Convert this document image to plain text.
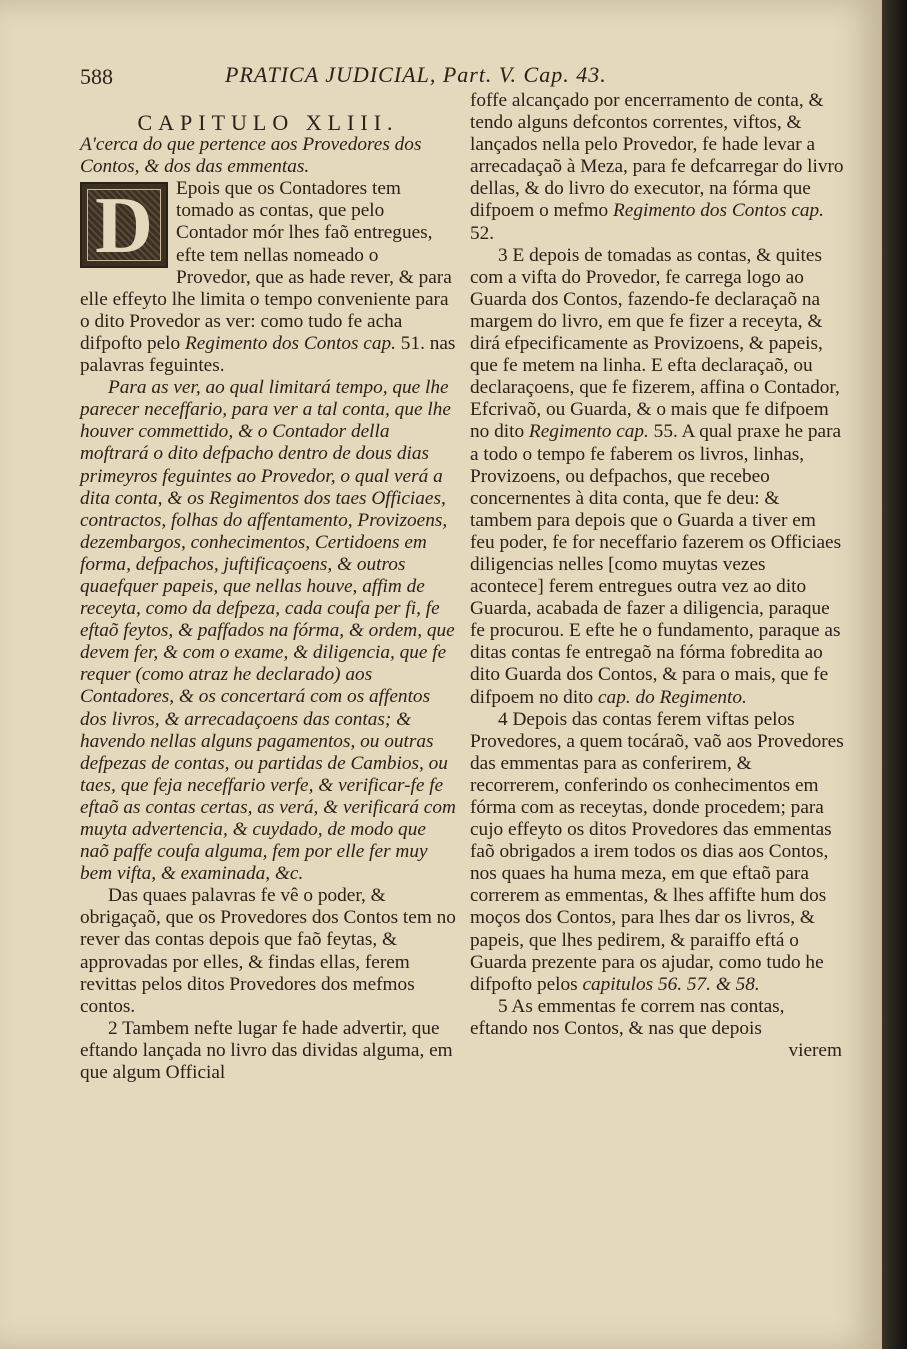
588	PRATICA JUDICIAL, Part. V. Cap. 43.

CAPITULO XLIII.

A'cerca do que pertence aos Provedores dos Contos, & dos das emmentas.

D	Epois que os Contadores tem tomado as contas, que pelo Contador mór lhes faõ entregues, efte tem nellas nomeado o Provedor, que as hade rever, & para elle effeyto lhe limita o tempo conveniente para o dito Provedor as ver: como tudo fe acha difpofto pelo Regimento dos Contos cap. 51. nas palavras feguintes.

Para as ver, ao qual limitará tempo, que lhe parecer neceffario, para ver a tal conta, que lhe houver commettido, & o Contador della moftrará o dito defpacho dentro de dous dias primeyros feguintes ao Provedor, o qual verá a dita conta, & os Regimentos dos taes Officiaes, contractos, folhas do affentamento, Provizoens, dezembargos, conhecimentos, Certidoens em forma, defpachos, juftificaçoens, & outros quaefquer papeis, que nellas houve, affim de receyta, como da defpeza, cada coufa per fi, fe eftaõ feytos, & paffados na fórma, & ordem, que devem fer, & com o exame, & diligencia, que fe requer (como atraz he declarado) aos Contadores, & os concertará com os affentos dos livros, & arrecadaçoens das contas; & havendo nellas alguns pagamentos, ou outras defpezas de contas, ou partidas de Cambios, ou taes, que feja neceffario verfe, & verificar-fe fe eftaõ as contas certas, as verá, & verificará com muyta advertencia, & cuydado, de modo que naõ paffe coufa alguma, fem por elle fer muy bem vifta, & examinada, &c.

Das quaes palavras fe vê o poder, & obrigaçaõ, que os Provedores dos Contos tem no rever das contas depois que faõ feytas, & approvadas por elles, & findas ellas, ferem revittas pelos ditos Provedores dos mefmos contos.

2 Tambem nefte lugar fe hade advertir, que eftando lançada no livro das dividas alguma, em que algum Official

foffe alcançado por encerramento de conta, & tendo alguns defcontos correntes, viftos, & lançados nella pelo Provedor, fe hade levar a arrecadaçaõ à Meza, para fe defcarregar do livro dellas, & do livro do executor, na fórma que difpoem o mefmo Regimento dos Contos cap. 52.

3 E depois de tomadas as contas, & quites com a vifta do Provedor, fe carrega logo ao Guarda dos Contos, fazendo-fe declaraçaõ na margem do livro, em que fe fizer a receyta, & dirá efpecificamente as Provizoens, & papeis, que fe metem na linha. E efta declaraçaõ, ou declaraçoens, que fe fizerem, affina o Contador, Efcrivaõ, ou Guarda, & o mais que fe difpoem no dito Regimento cap. 55. A qual praxe he para a todo o tempo fe faberem os livros, linhas, Provizoens, ou defpachos, que recebeo concernentes à dita conta, que fe deu: & tambem para depois que o Guarda a tiver em feu poder, fe for neceffario fazerem os Officiaes diligencias nelles [como muytas vezes acontece] ferem entregues outra vez ao dito Guarda, acabada de fazer a diligencia, paraque fe procurou. E efte he o fundamento, paraque as ditas contas fe entregaõ na fórma fobredita ao dito Guarda dos Contos, & para o mais, que fe difpoem no dito cap. do Regimento.

4 Depois das contas ferem viftas pelos Provedores, a quem tocáraõ, vaõ aos Provedores das emmentas para as conferirem, & recorrerem, conferindo os conhecimentos em fórma com as receytas, donde procedem; para cujo effeyto os ditos Provedores das emmentas faõ obrigados a irem todos os dias aos Contos, nos quaes ha huma meza, em que eftaõ para correrem as emmentas, & lhes affifte hum dos moços dos Contos, para lhes dar os livros, & papeis, que lhes pedirem, & paraiffo eftá o Guarda prezente para os ajudar, como tudo he difpofto pelos capitulos 56. 57. & 58.

5 As emmentas fe correm nas contas, eftando nos Contos, & nas que depois

vierem
